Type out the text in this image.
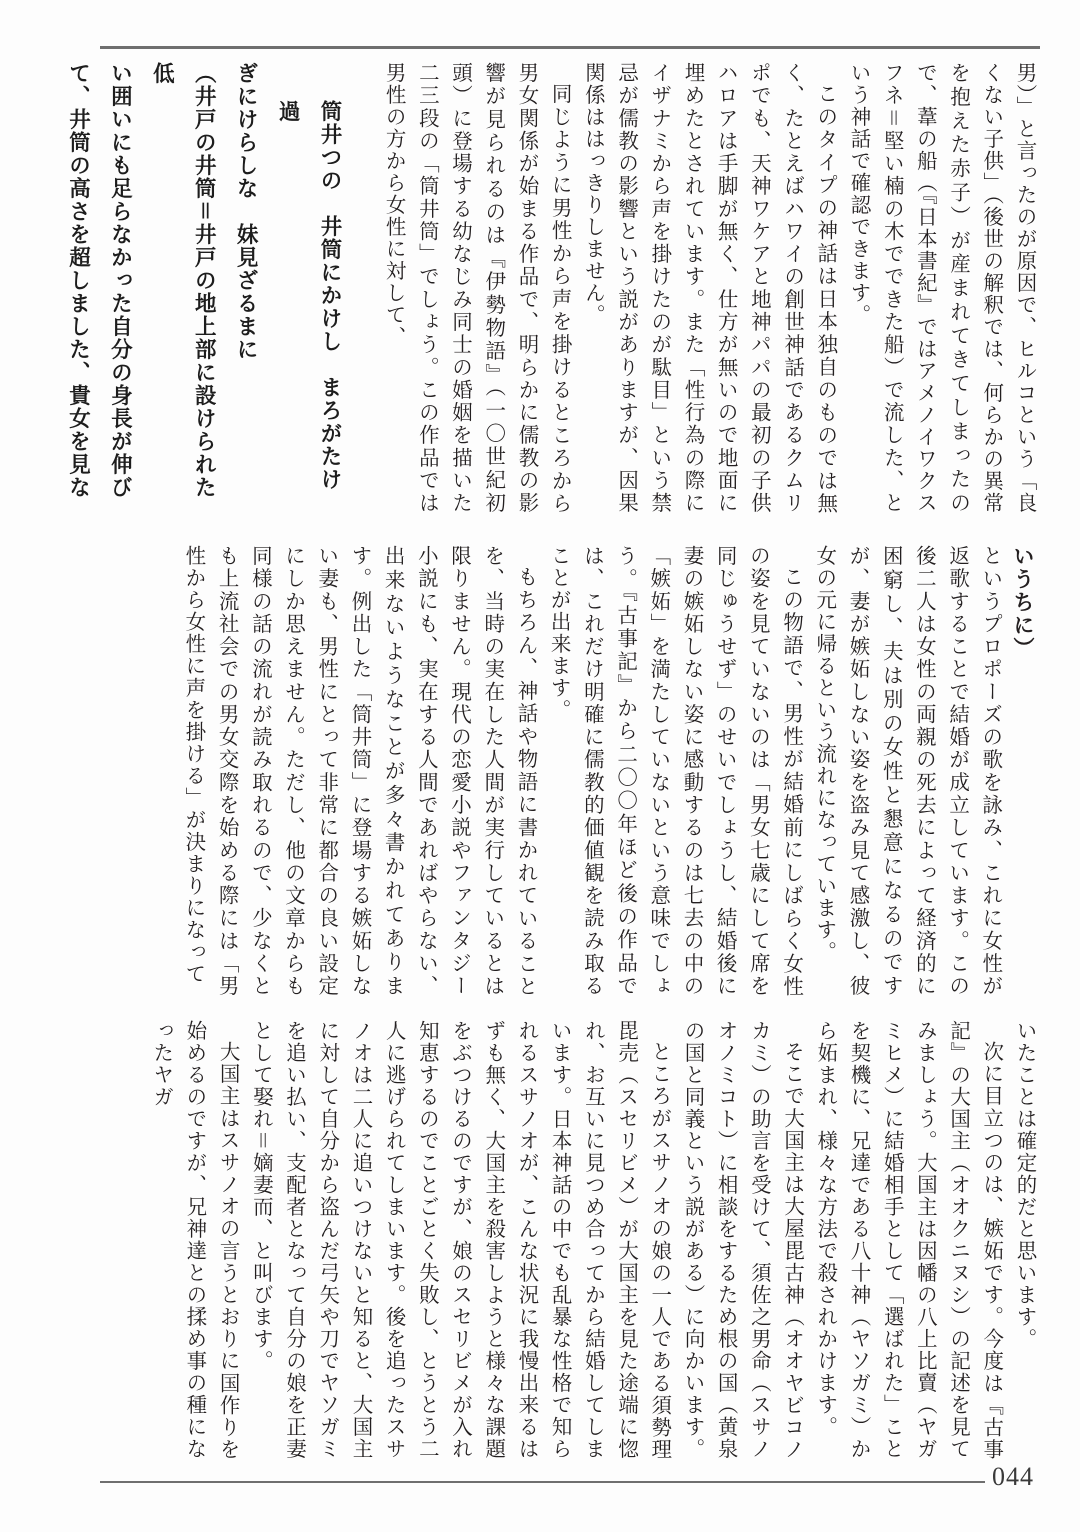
男）」と言ったのが原因で、ヒルコという「良くない子供」（後世の解釈では、何らかの異常を抱えた赤子）が産まれてきてしまったので、葦の船（『日本書紀』ではアメノイワクスフネ＝堅い楠の木でできた船）で流した、という神話で確認できます。

このタイプの神話は日本独自のものでは無く、たとえばハワイの創世神話であるクムリポでも、天神ワケアと地神パパの最初の子供ハロアは手脚が無く、仕方が無いので地面に埋めたとされています。また「性行為の際にイザナミから声を掛けたのが駄目」という禁忌が儒教の影響という説がありますが、因果関係ははっきりしません。

同じように男性から声を掛けるところから男女関係が始まる作品で、明らかに儒教の影響が見られるのは『伊勢物語』（一〇世紀初頭）に登場する幼なじみ同士の婚姻を描いた二三段の「筒井筒」でしょう。この作品では男性の方から女性に対して、

筒井つの　井筒にかけし　まろがたけ　過

ぎにけらしな　妹見ざるまに

（井戸の井筒＝井戸の地上部に設けられた低

い囲いにも足らなかった自分の身長が伸び

て、井筒の高さを超しました、貴女を見な

いうちに）

というプロポーズの歌を詠み、これに女性が返歌することで結婚が成立しています。この後二人は女性の両親の死去によって経済的に困窮し、夫は別の女性と懇意になるのですが、妻が嫉妬しない姿を盗み見て感激し、彼女の元に帰るという流れになっています。

この物語で、男性が結婚前にしばらく女性の姿を見ていないのは「男女七歳にして席を同じゅうせず」のせいでしょうし、結婚後に妻の嫉妬しない姿に感動するのは七去の中の「嫉妬」を満たしていないという意味でしょう。『古事記』から二〇〇年ほど後の作品では、これだけ明確に儒教的価値観を読み取ることが出来ます。

もちろん、神話や物語に書かれていることを、当時の実在した人間が実行しているとは限りません。現代の恋愛小説やファンタジー小説にも、実在する人間であればやらない、出来ないようなことが多々書かれてあります。例出した「筒井筒」に登場する嫉妬しない妻も、男性にとって非常に都合の良い設定にしか思えません。ただし、他の文章からも同様の話の流れが読み取れるので、少なくとも上流社会での男女交際を始める際には「男性から女性に声を掛ける」が決まりになって

いたことは確定的だと思います。

次に目立つのは、嫉妬です。今度は『古事記』の大国主（オオクニヌシ）の記述を見てみましょう。大国主は因幡の八上比賣（ヤガミヒメ）に結婚相手として「選ばれた」ことを契機に、兄達である八十神（ヤソガミ）から妬まれ、様々な方法で殺されかけます。

そこで大国主は大屋毘古神（オオヤビコノカミ）の助言を受けて、須佐之男命（スサノオノミコト）に相談をするため根の国（黄泉の国と同義という説がある）に向かいます。

ところがスサノオの娘の一人である須勢理毘売（スセリビメ）が大国主を見た途端に惚れ、お互いに見つめ合ってから結婚してしまいます。日本神話の中でも乱暴な性格で知られるスサノオが、こんな状況に我慢出来るはずも無く、大国主を殺害しようと様々な課題をぶつけるのですが、娘のスセリビメが入れ知恵するのでことごとく失敗し、とうとう二人に逃げられてしまいます。後を追ったスサノオは二人に追いつけないと知ると、大国主に対して自分から盗んだ弓矢や刀でヤソガミを追い払い、支配者となって自分の娘を正妻として娶れ＝嫡妻而、と叫びます。

大国主はスサノオの言うとおりに国作りを始めるのですが、兄神達との揉め事の種になったヤガ

044
